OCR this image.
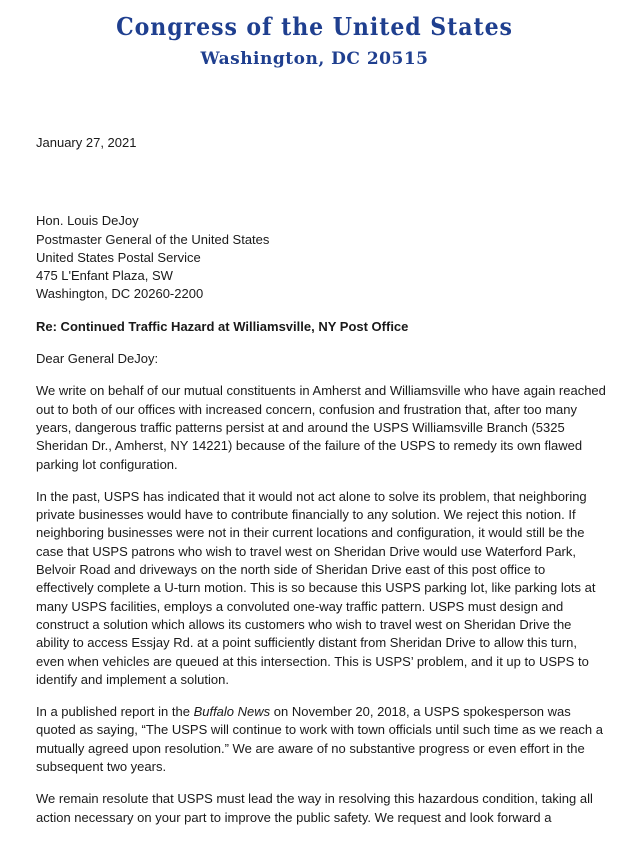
Congress of the United States
Washington, DC 20515
January 27, 2021
Hon. Louis DeJoy
Postmaster General of the United States
United States Postal Service
475 L'Enfant Plaza, SW
Washington, DC 20260-2200
Re: Continued Traffic Hazard at Williamsville, NY Post Office
Dear General DeJoy:

We write on behalf of our mutual constituents in Amherst and Williamsville who have again reached out to both of our offices with increased concern, confusion and frustration that, after too many years, dangerous traffic patterns persist at and around the USPS Williamsville Branch (5325 Sheridan Dr., Amherst, NY 14221) because of the failure of the USPS to remedy its own flawed parking lot configuration.

In the past, USPS has indicated that it would not act alone to solve its problem, that neighboring private businesses would have to contribute financially to any solution. We reject this notion. If neighboring businesses were not in their current locations and configuration, it would still be the case that USPS patrons who wish to travel west on Sheridan Drive would use Waterford Park, Belvoir Road and driveways on the north side of Sheridan Drive east of this post office to effectively complete a U-turn motion. This is so because this USPS parking lot, like parking lots at many USPS facilities, employs a convoluted one-way traffic pattern. USPS must design and construct a solution which allows its customers who wish to travel west on Sheridan Drive the ability to access Essjay Rd. at a point sufficiently distant from Sheridan Drive to allow this turn, even when vehicles are queued at this intersection. This is USPS’ problem, and it up to USPS to identify and implement a solution.

In a published report in the Buffalo News on November 20, 2018, a USPS spokesperson was quoted as saying, “The USPS will continue to work with town officials until such time as we reach a mutually agreed upon resolution.” We are aware of no substantive progress or even effort in the subsequent two years.

We remain resolute that USPS must lead the way in resolving this hazardous condition, taking all action necessary on your part to improve the public safety. We request and look forward a
